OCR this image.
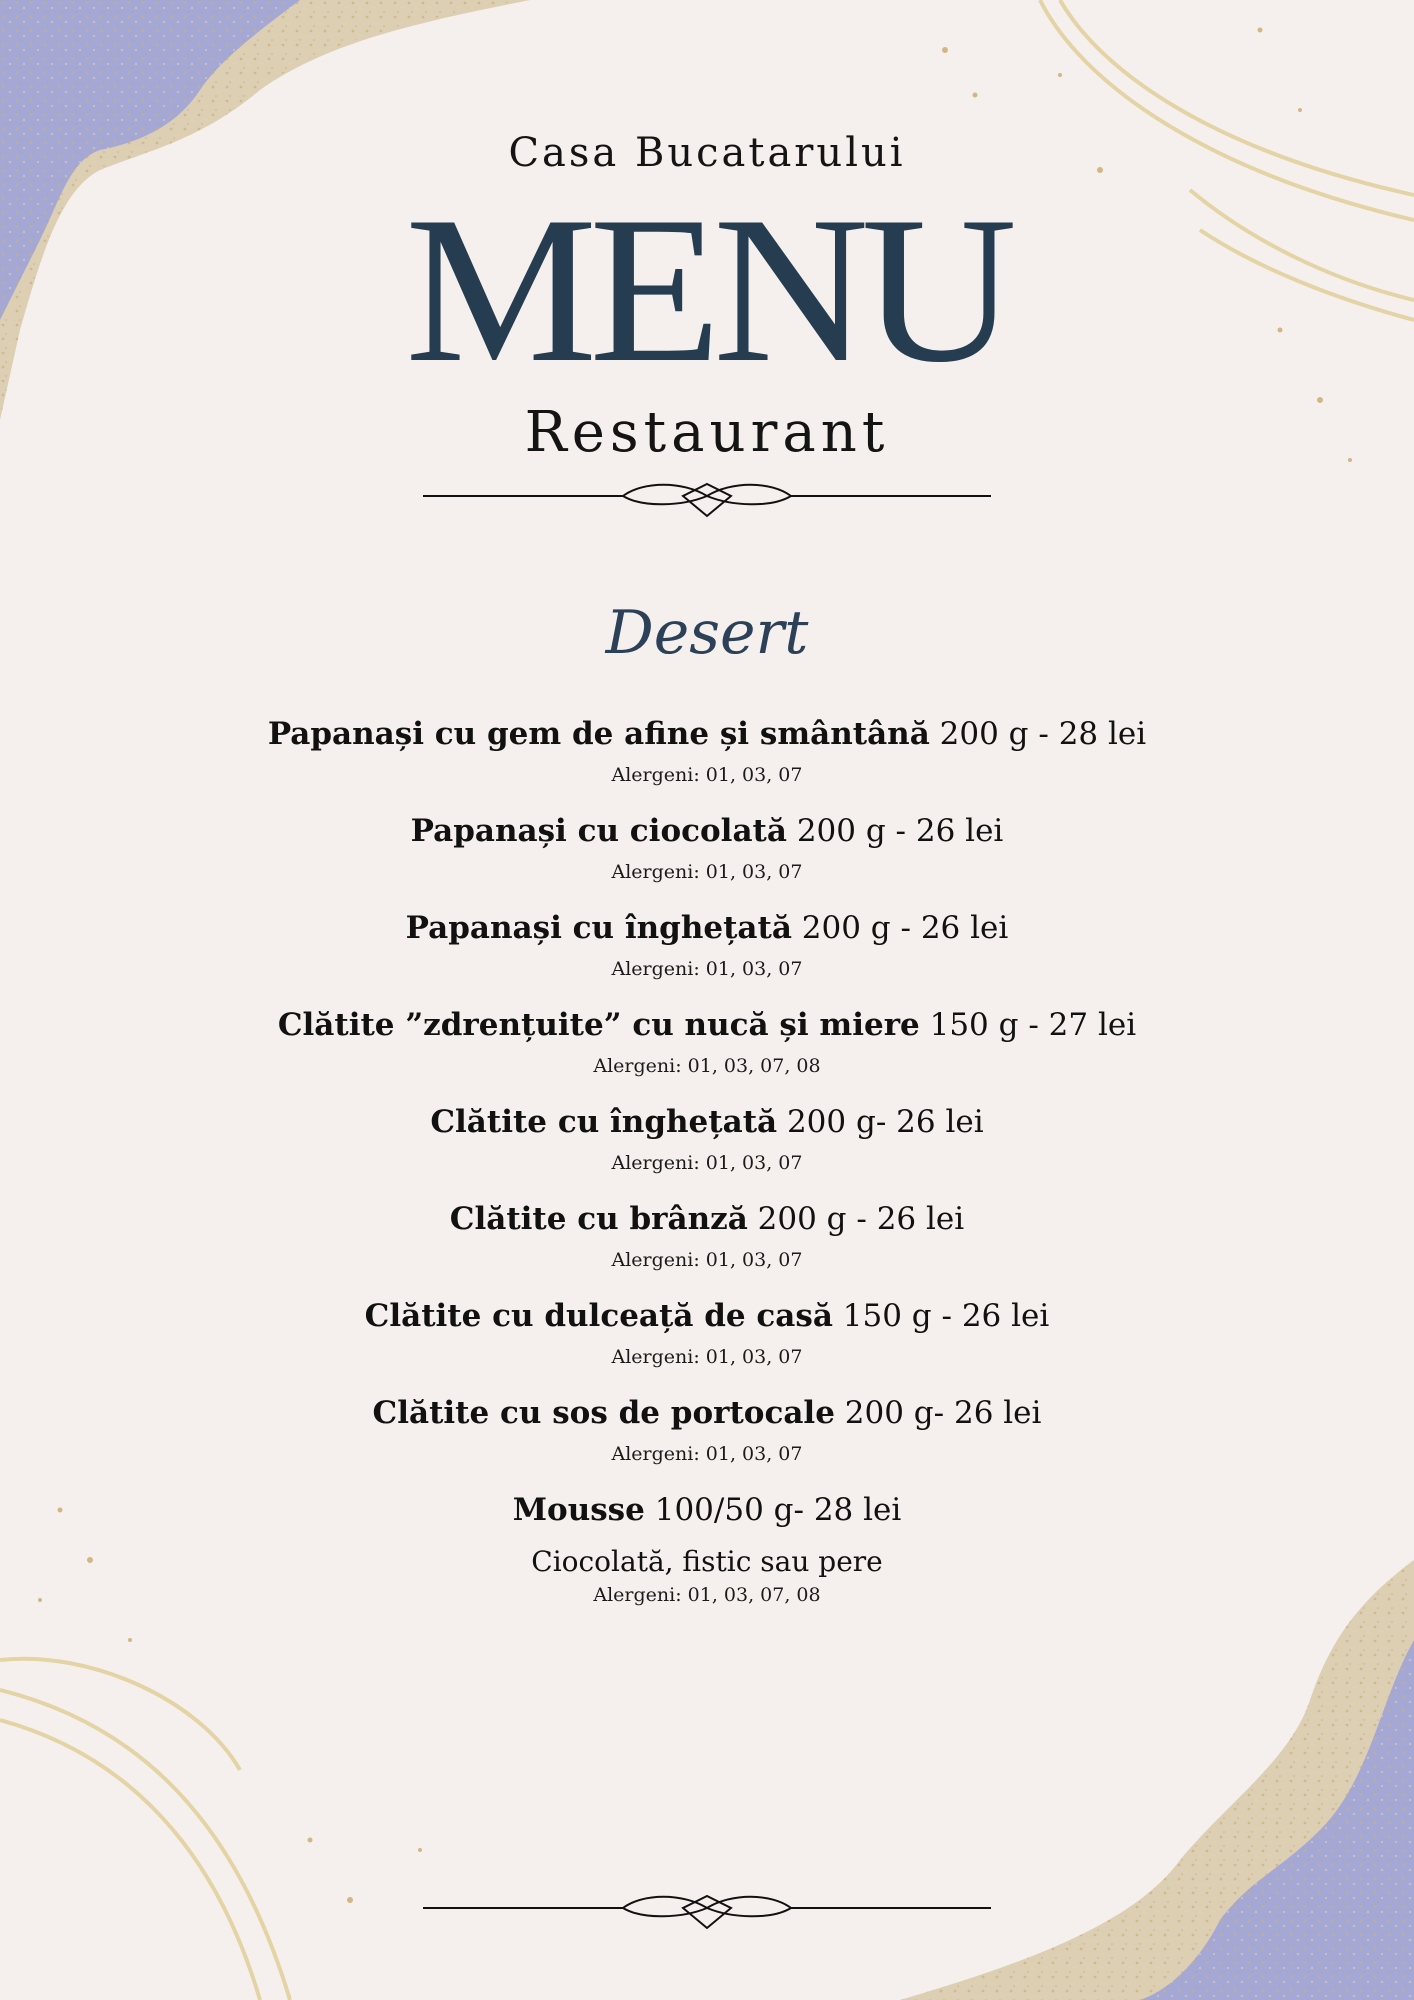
Casa Bucatarului
MENU
Restaurant
Desert
Papanași cu gem de afine și smântână 200 g - 28 lei
Alergeni: 01, 03, 07
Papanași cu ciocolată 200 g - 26 lei
Alergeni: 01, 03, 07
Papanași cu înghețată 200 g - 26 lei
Alergeni: 01, 03, 07
Clătite ”zdrențuite” cu nucă și miere 150 g - 27 lei
Alergeni: 01, 03, 07, 08
Clătite cu înghețată 200 g- 26 lei
Alergeni: 01, 03, 07
Clătite cu brânză 200 g - 26 lei
Alergeni: 01, 03, 07
Clătite cu dulceață de casă 150 g - 26 lei
Alergeni: 01, 03, 07
Clătite cu sos de portocale 200 g- 26 lei
Alergeni: 01, 03, 07
Mousse 100/50 g- 28 lei
Ciocolată, fistic sau pere
Alergeni: 01, 03, 07, 08
